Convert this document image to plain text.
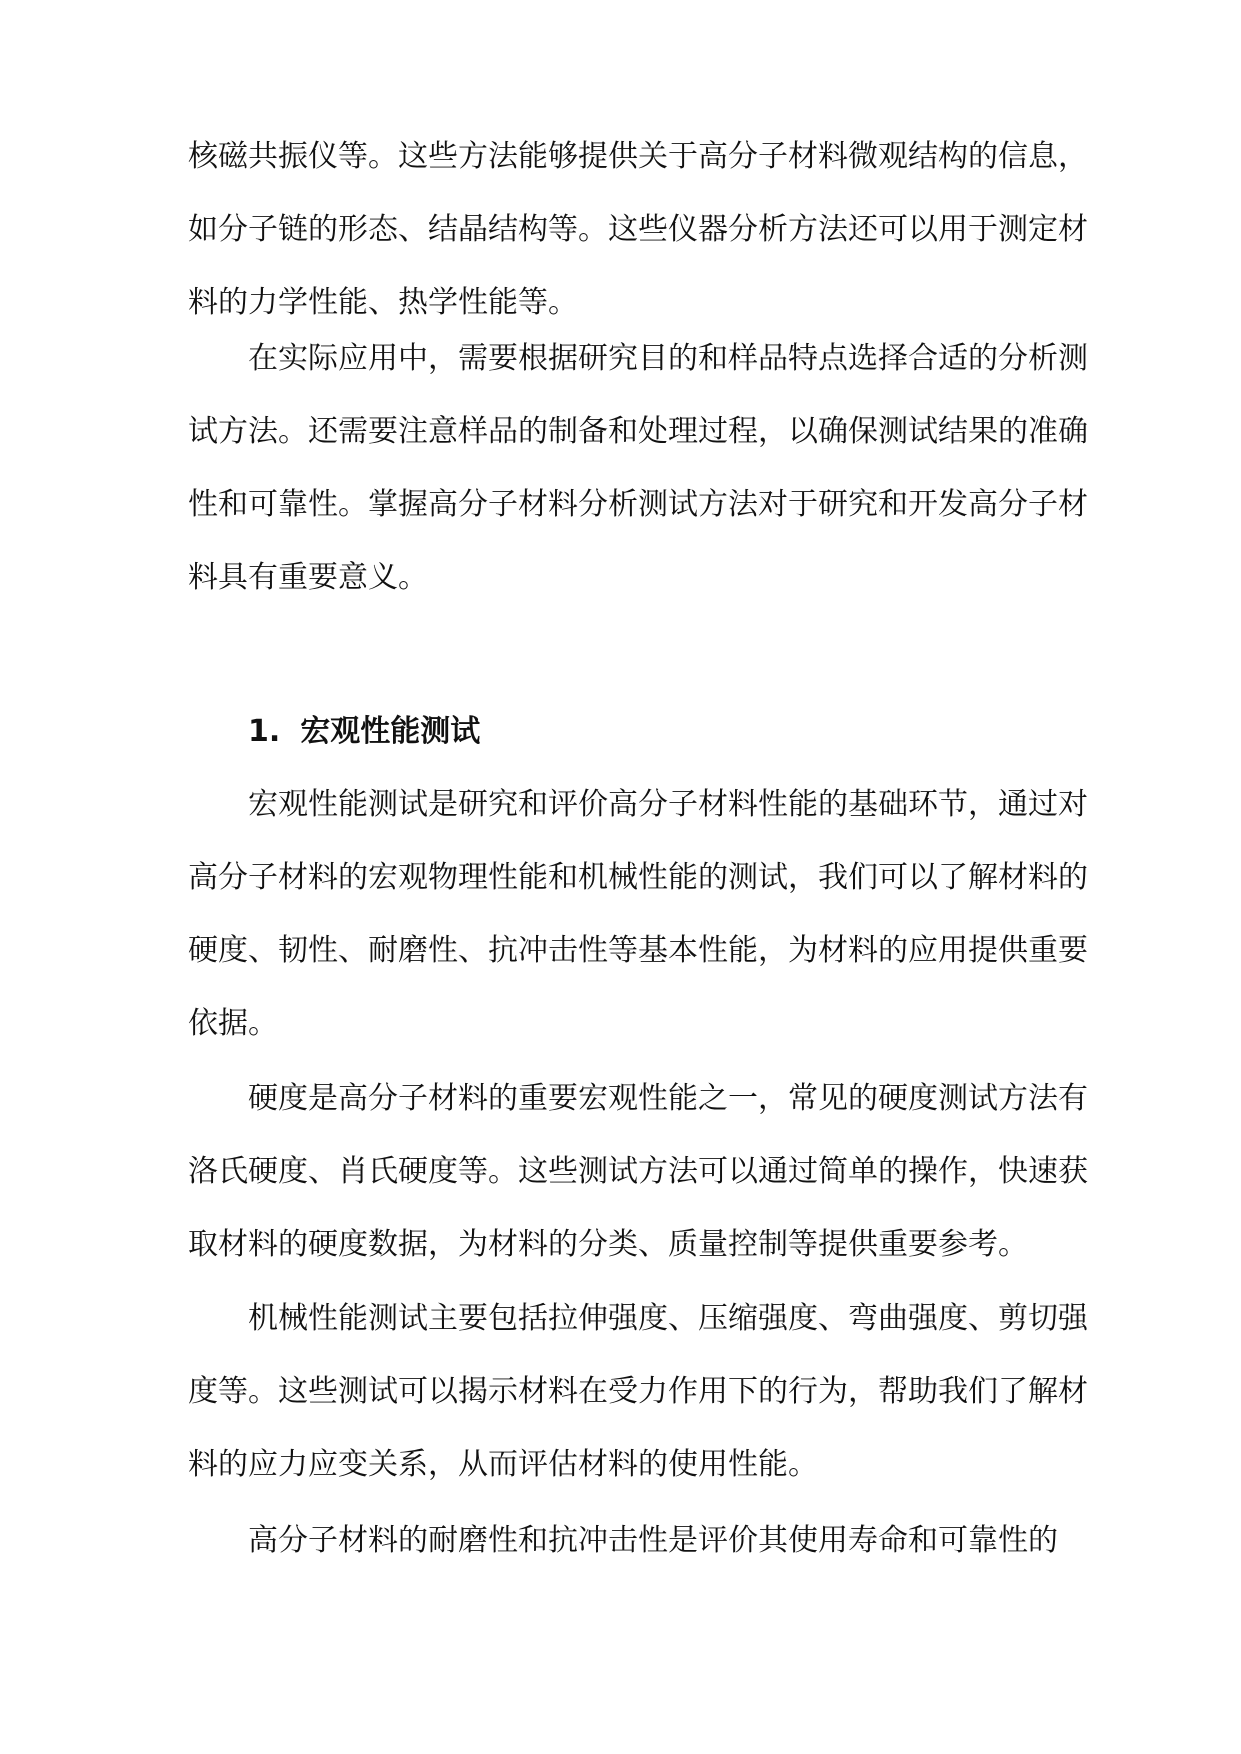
核磁共振仪等。这些方法能够提供关于高分子材料微观结构的信息，
如分子链的形态、结晶结构等。这些仪器分析方法还可以用于测定材
料的力学性能、热学性能等。
在实际应用中，需要根据研究目的和样品特点选择合适的分析测
试方法。还需要注意样品的制备和处理过程，以确保测试结果的准确
性和可靠性。掌握高分子材料分析测试方法对于研究和开发高分子材
料具有重要意义。
1. 宏观性能测试
宏观性能测试是研究和评价高分子材料性能的基础环节，通过对
高分子材料的宏观物理性能和机械性能的测试，我们可以了解材料的
硬度、韧性、耐磨性、抗冲击性等基本性能，为材料的应用提供重要
依据。
硬度是高分子材料的重要宏观性能之一，常见的硬度测试方法有
洛氏硬度、肖氏硬度等。这些测试方法可以通过简单的操作，快速获
取材料的硬度数据，为材料的分类、质量控制等提供重要参考。
机械性能测试主要包括拉伸强度、压缩强度、弯曲强度、剪切强
度等。这些测试可以揭示材料在受力作用下的行为，帮助我们了解材
料的应力应变关系，从而评估材料的使用性能。
高分子材料的耐磨性和抗冲击性是评价其使用寿命和可靠性的
